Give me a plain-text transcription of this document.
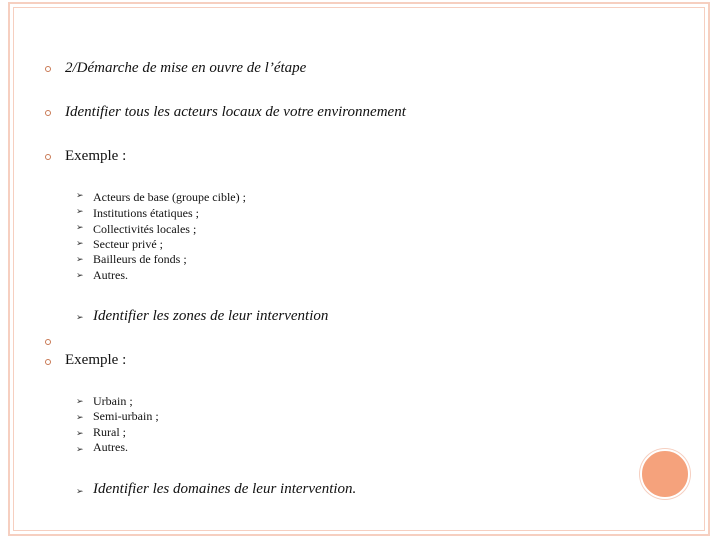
2/Démarche de mise en ouvre de l’étape
Identifier tous les acteurs locaux de votre environnement
Exemple :
➢ Acteurs de base (groupe cible) ;
➢ Institutions étatiques ;
➢ Collectivités locales ;
➢ Secteur privé ;
➢ Bailleurs de fonds ;
➢ Autres.
➢ Identifier les zones de leur intervention
Exemple :
➢ Urbain ;
➢ Semi-urbain ;
➢ Rural ;
➢ Autres.
➢ Identifier les domaines de leur intervention.
